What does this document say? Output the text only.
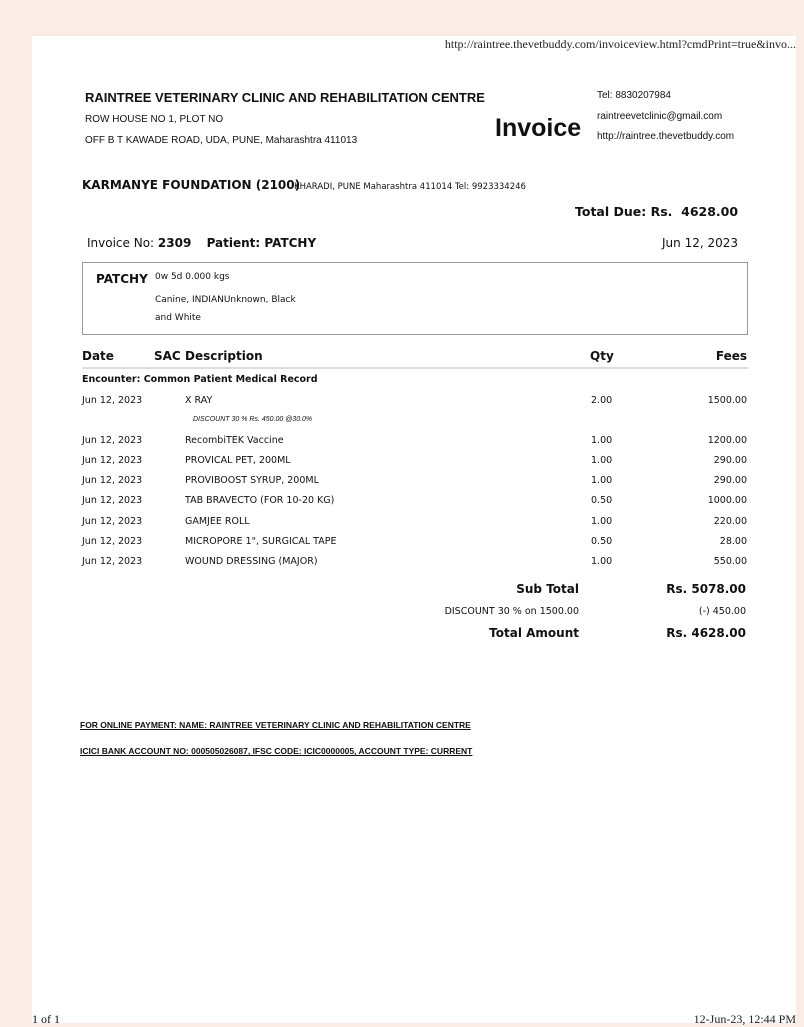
http://raintree.thevetbuddy.com/invoiceview.html?cmdPrint=true&invo...
RAINTREE VETERINARY CLINIC AND REHABILITATION CENTRE
ROW HOUSE NO 1, PLOT NO
OFF B T KAWADE ROAD, UDA, PUNE, Maharashtra 411013	Invoice
Tel: 8830207984
raintreevetclinic@gmail.com
http://raintree.thevetbuddy.com
KARMANYE FOUNDATION (2100)
KHARADI, PUNE Maharashtra 411014 Tel: 9923334246
Total Due: Rs. 4628.00
Invoice No: 2309 Patient: PATCHY	Jun 12, 2023
PATCHY 0w 5d 0.000 kgs
Canine, INDIANUnknown, Black
and White
Date	SAC Description	Qty	Fees
Encounter: Common Patient Medical Record
Jun 12, 2023	X RAY	2.00	1500.00
DISCOUNT 30 % Rs. 450.00 @30.0%
Jun 12, 2023	RecombiTEK Vaccine	1.00	1200.00
Jun 12, 2023	PROVICAL PET, 200ML	1.00	290.00
Jun 12, 2023	PROVIBOOST SYRUP, 200ML	1.00	290.00
Jun 12, 2023	TAB BRAVECTO (FOR 10-20 KG)	0.50	1000.00
Jun 12, 2023	GAMJEE ROLL	1.00	220.00
Jun 12, 2023	MICROPORE 1", SURGICAL TAPE	0.50	28.00
Jun 12, 2023	WOUND DRESSING (MAJOR)	1.00	550.00
Sub Total	Rs. 5078.00
DISCOUNT 30 % on 1500.00	(-) 450.00
Total Amount	Rs. 4628.00
FOR ONLINE PAYMENT: NAME: RAINTREE VETERINARY CLINIC AND REHABILITATION CENTRE
ICICI BANK ACCOUNT NO: 000505026087, IFSC CODE: ICIC0000005, ACCOUNT TYPE: CURRENT
12-Jun-23, 12:44 PM
1 of 1
